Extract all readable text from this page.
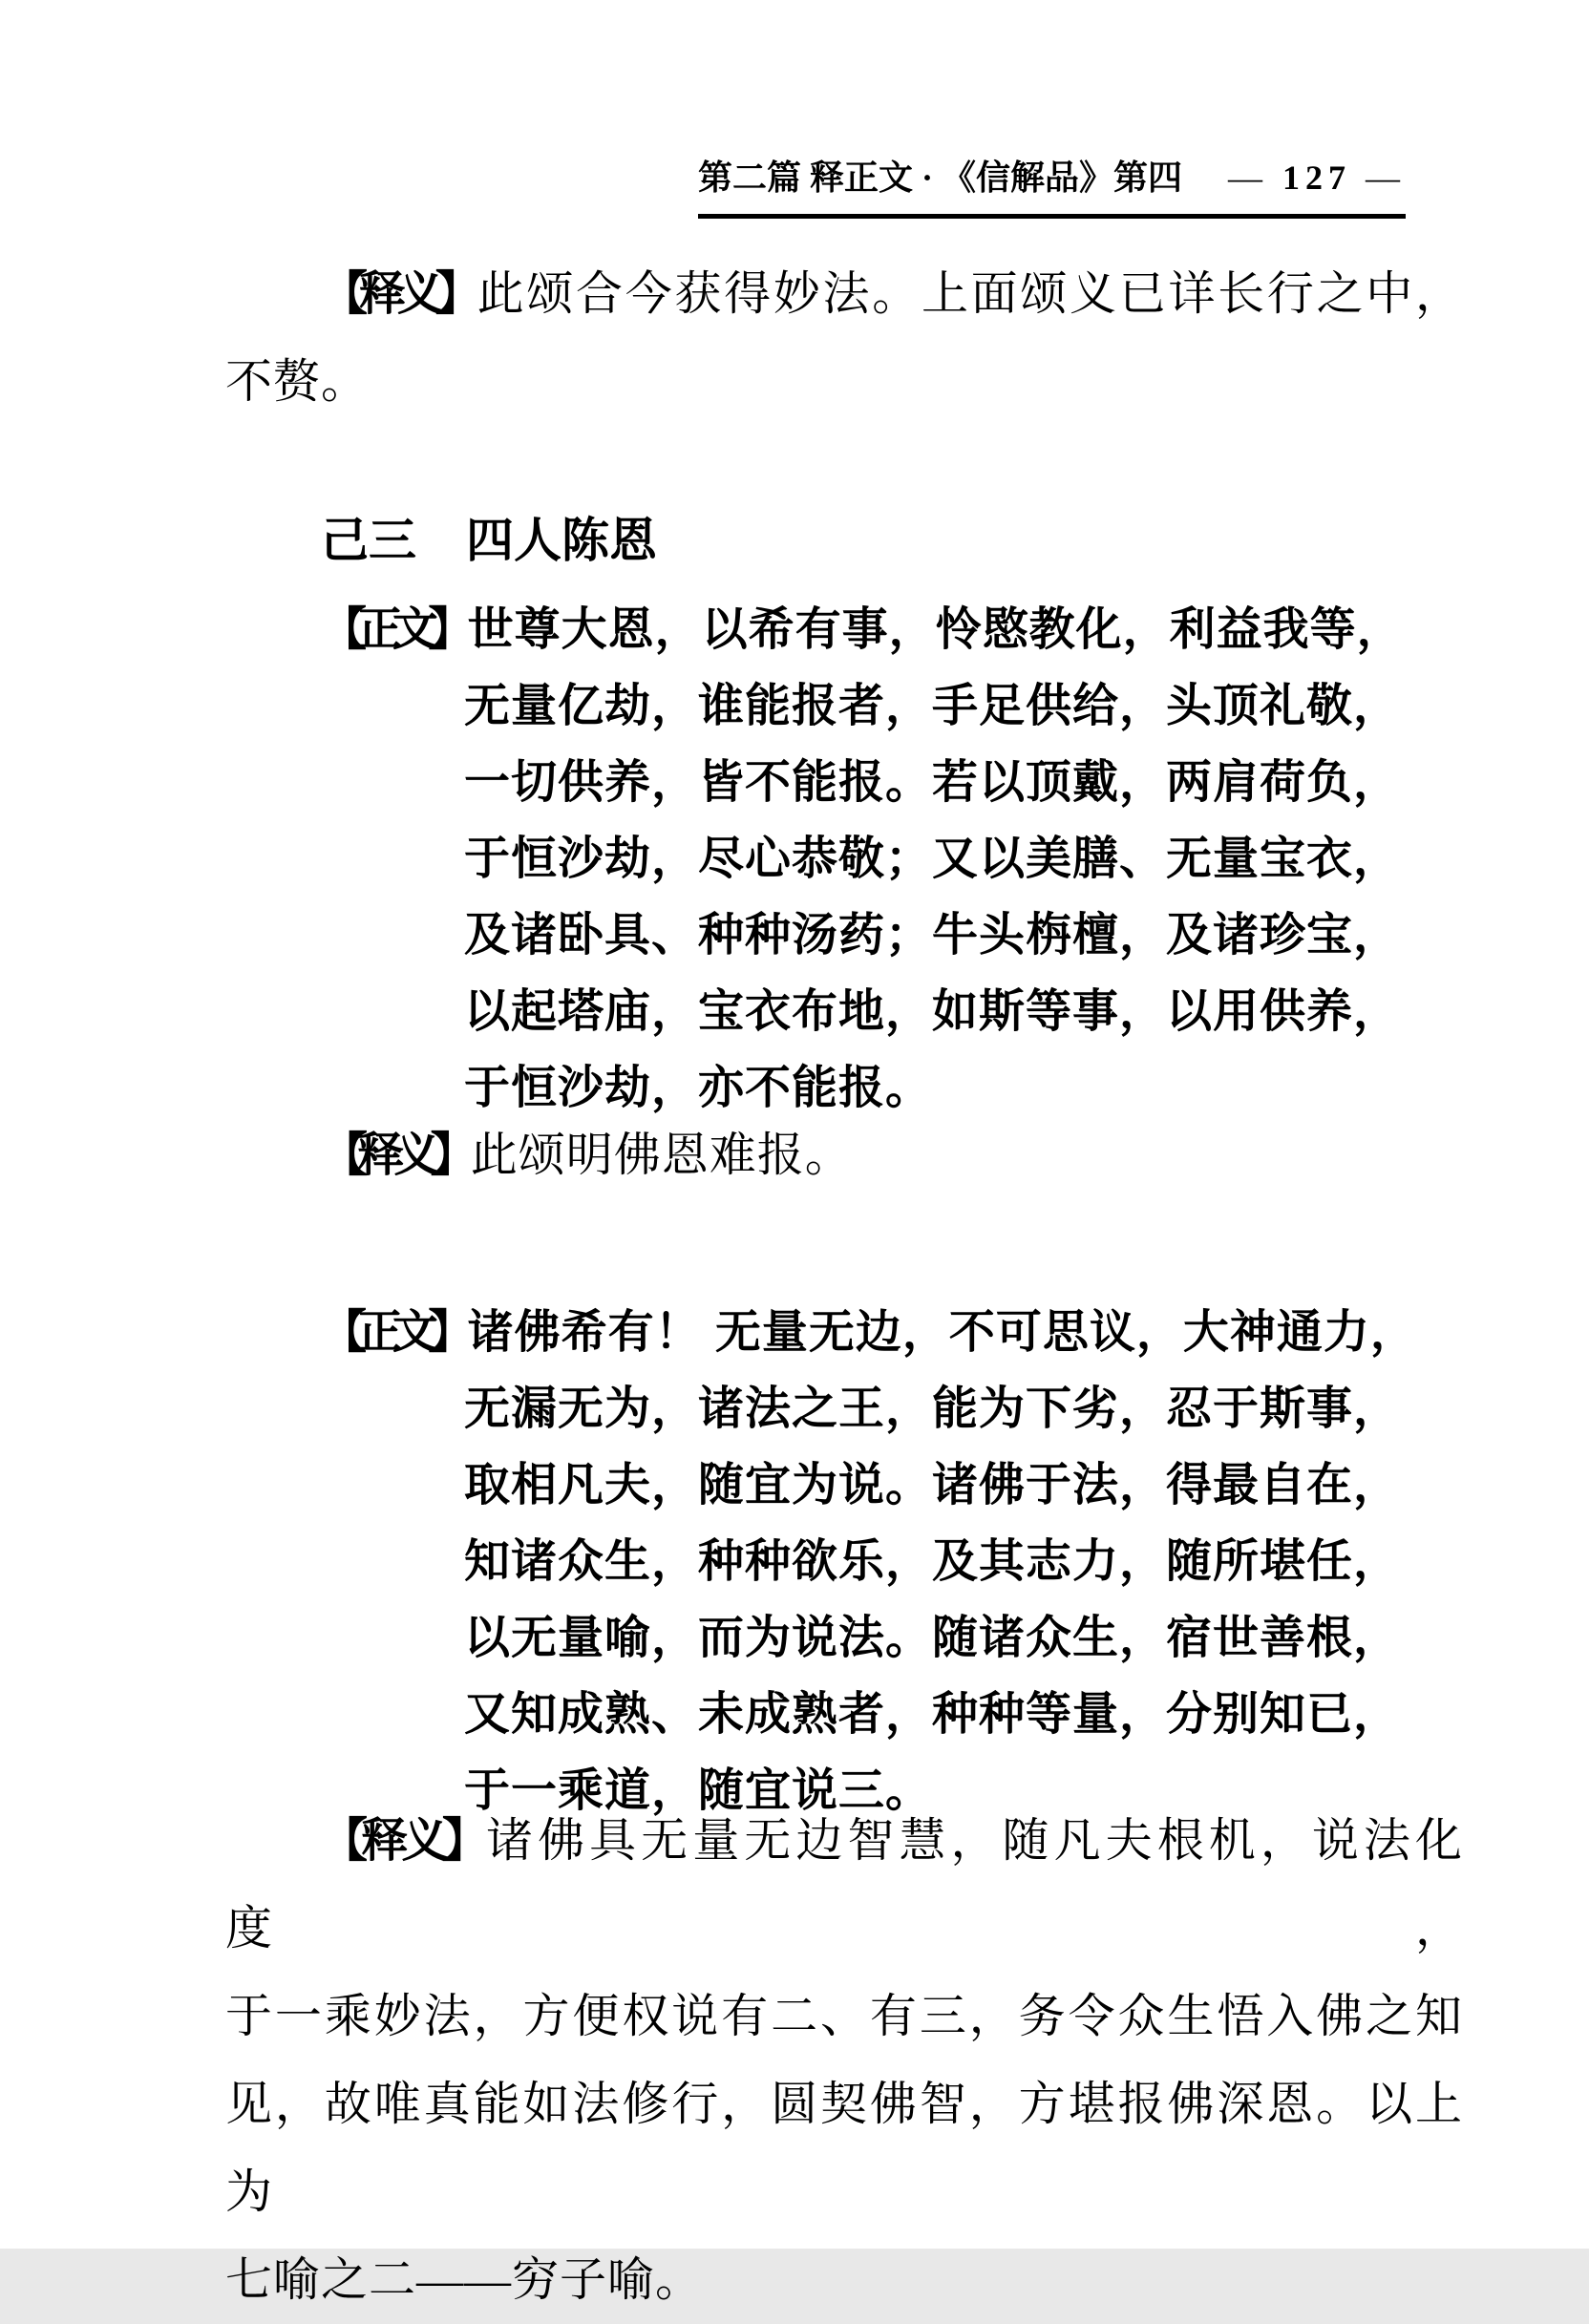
第二篇 释正文 · 《信解品》第四 — 127 —
【释义】此颂合今获得妙法。上面颂义已详长行之中，
不赘。
己三 四人陈恩
【正文】世尊大恩，以希有事，怜愍教化，利益我等，
无量亿劫，谁能报者，手足供给，头顶礼敬，
一切供养，皆不能报。若以顶戴，两肩荷负，
于恒沙劫，尽心恭敬；又以美膳、无量宝衣，
及诸卧具、种种汤药；牛头栴檀，及诸珍宝，
以起塔庙，宝衣布地，如斯等事，以用供养，
于恒沙劫，亦不能报。
【释义】此颂明佛恩难报。
【正文】诸佛希有！ 无量无边，不可思议，大神通力，
无漏无为，诸法之王，能为下劣，忍于斯事，
取相凡夫，随宜为说。诸佛于法，得最自在，
知诸众生，种种欲乐，及其志力，随所堪任，
以无量喻，而为说法。随诸众生，宿世善根，
又知成熟、未成熟者，种种等量，分别知已，
于一乘道，随宜说三。
【释义】诸佛具无量无边智慧，随凡夫根机，说法化度，
于一乘妙法，方便权说有二、有三，务令众生悟入佛之知
见，故唯真能如法修行，圆契佛智，方堪报佛深恩。以上为
七喻之二——穷子喻。
